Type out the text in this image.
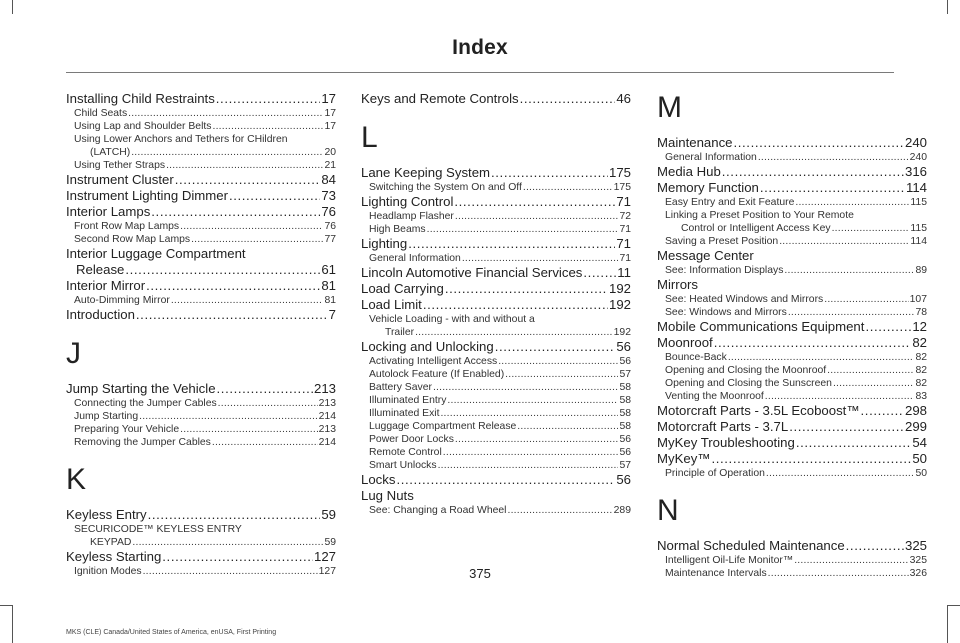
Index
Installing Child Restraints .....	17
Child Seats .....	17
Using Lap and Shoulder Belts .....	17
Using Lower Anchors and Tethers for CHildren
(LATCH) .....	20
Using Tether Straps .....	21
Instrument Cluster .....	84
Instrument Lighting Dimmer .....	73
Interior Lamps .....	76
Front Row Map Lamps .....	76
Second Row Map Lamps .....	77
Interior Luggage Compartment
Release .....	61
Interior Mirror .....	81
Auto-Dimming Mirror .....	81
Introduction .....	7
J
Jump Starting the Vehicle .....	213
Connecting the Jumper Cables .....	213
Jump Starting .....	214
Preparing Your Vehicle .....	213
Removing the Jumper Cables .....	214
K
Keyless Entry .....	59
SECURICODE™ KEYLESS ENTRY
KEYPAD .....	59
Keyless Starting .....	127
Ignition Modes .....	127
Keys and Remote Controls .....	46
L
Lane Keeping System .....	175
Switching the System On and Off .....	175
Lighting Control .....	71
Headlamp Flasher .....	72
High Beams .....	71
Lighting .....	71
General Information .....	71
Lincoln Automotive Financial Services .....	11
Load Carrying .....	192
Load Limit .....	192
Vehicle Loading - with and without a
Trailer .....	192
Locking and Unlocking .....	56
Activating Intelligent Access .....	56
Autolock Feature (If Enabled) .....	57
Battery Saver .....	58
Illuminated Entry .....	58
Illuminated Exit .....	58
Luggage Compartment Release .....	58
Power Door Locks .....	56
Remote Control .....	56
Smart Unlocks .....	57
Locks .....	56
Lug Nuts
See: Changing a Road Wheel .....	289
M
Maintenance .....	240
General Information .....	240
Media Hub .....	316
Memory Function .....	114
Easy Entry and Exit Feature .....	115
Linking a Preset Position to Your Remote
Control or Intelligent Access Key .....	115
Saving a Preset Position .....	114
Message Center
See: Information Displays .....	89
Mirrors
See: Heated Windows and Mirrors .....	107
See: Windows and Mirrors .....	78
Mobile Communications Equipment .....	12
Moonroof .....	82
Bounce-Back .....	82
Opening and Closing the Moonroof .....	82
Opening and Closing the Sunscreen .....	82
Venting the Moonroof .....	83
Motorcraft Parts - 3.5L Ecoboost™ .....	298
Motorcraft Parts - 3.7L .....	299
MyKey Troubleshooting .....	54
MyKey™ .....	50
Principle of Operation .....	50
N
Normal Scheduled Maintenance .....	325
Intelligent Oil-Life Monitor™ .....	325
Maintenance Intervals .....	326
375
MKS (CLE) Canada/United States of America, enUSA, First Printing
